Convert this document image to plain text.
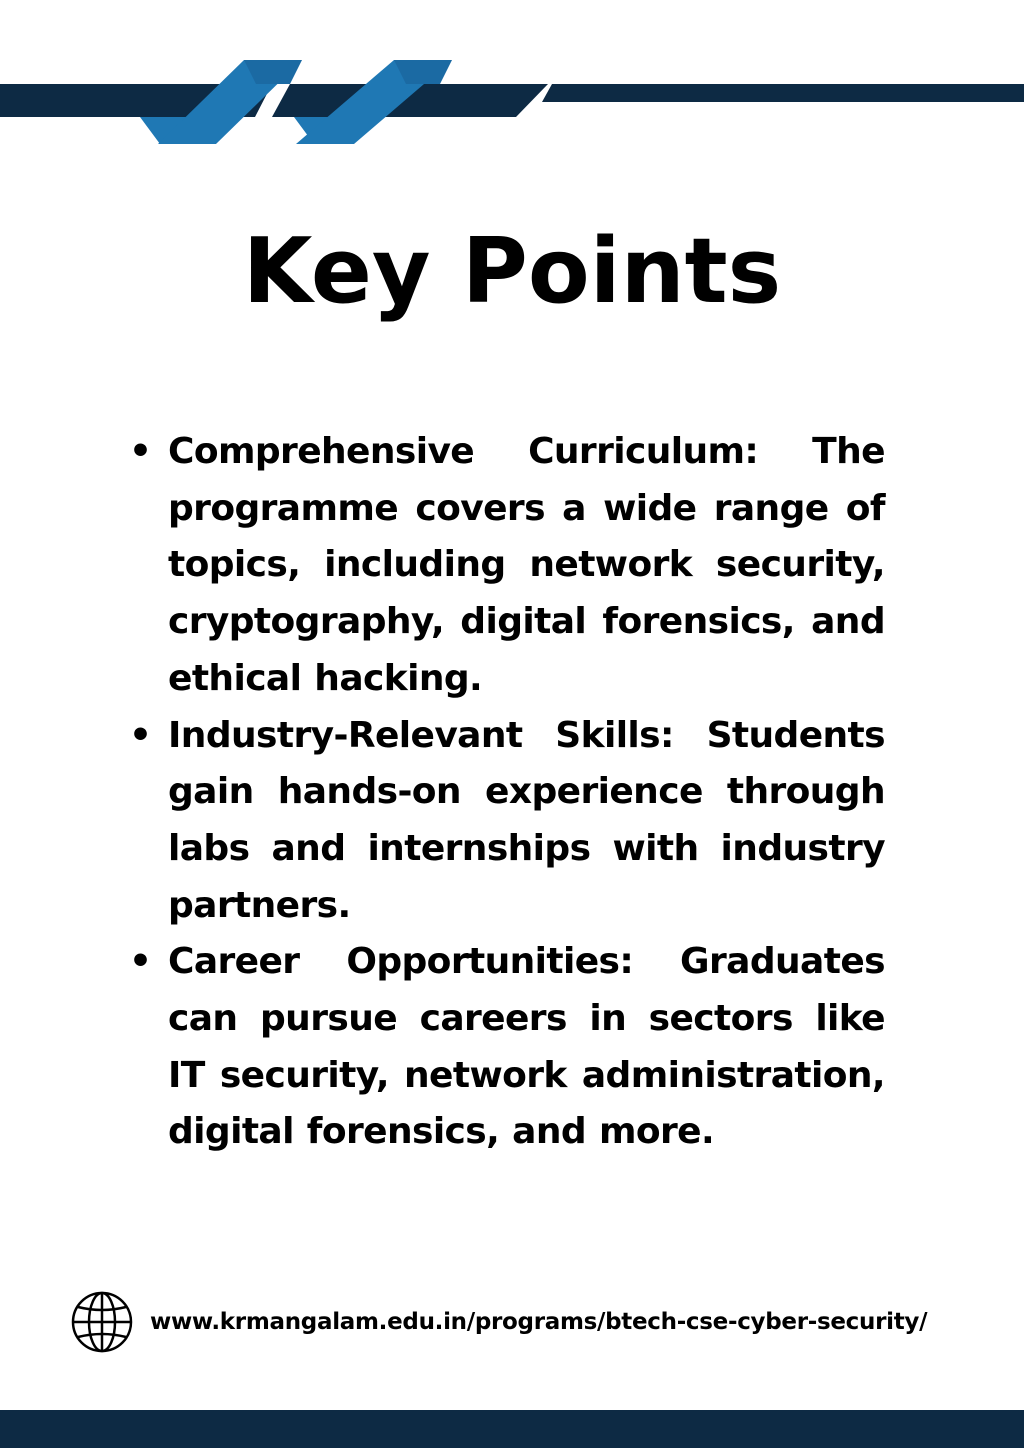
Key Points
• Comprehensive Curriculum: The programme covers a wide range of topics, including network security, cryptography, digital forensics, and ethical hacking.
• Industry-Relevant Skills: Students gain hands-on experience through labs and internships with industry partners.
• Career Opportunities: Graduates can pursue careers in sectors like IT security, network administration, digital forensics, and more.
www.krmangalam.edu.in/programs/btech-cse-cyber-security/
